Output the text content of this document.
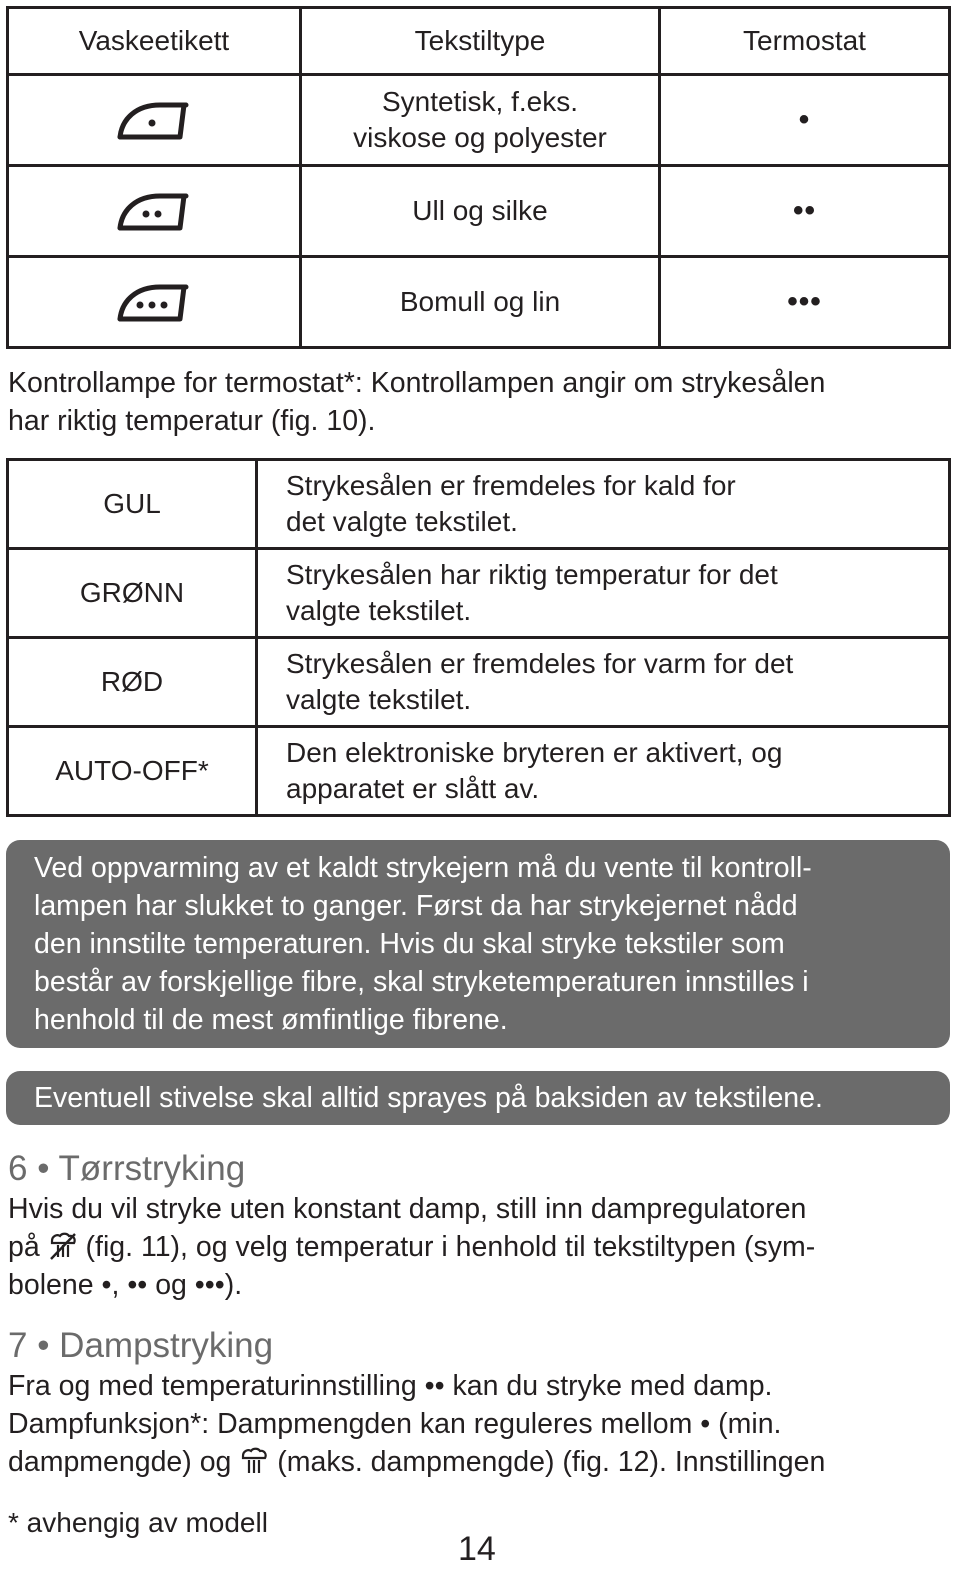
Vaskeetikett	Tekstiltype	Termostat

Syntetisk, f.eks.
viskose og polyester	•

Ull og silke	••

Bomull og lin	•••
Kontrollampe for termostat*: Kontrollampen angir om strykesålen
har riktig temperatur (fig. 10).
GUL	Strykesålen er fremdeles for kald for
det valgte tekstilet.

GRØNN	Strykesålen har riktig temperatur for det
valgte tekstilet.

RØD	Strykesålen er fremdeles for varm for det
valgte tekstilet.

AUTO-OFF*	Den elektroniske bryteren er aktivert, og
apparatet er slått av.
Ved oppvarming av et kaldt strykejern må du vente til kontroll-
lampen har slukket to ganger. Først da har strykejernet nådd
den innstilte temperaturen. Hvis du skal stryke tekstiler som
består av forskjellige fibre, skal stryketemperaturen innstilles i
henhold til de mest ømfintlige fibrene.
Eventuell stivelse skal alltid sprayes på baksiden av tekstilene.
6 • Tørrstryking
Hvis du vil stryke uten konstant damp, still inn dampregulatoren
på (fig. 11), og velg temperatur i henhold til tekstiltypen (sym-
bolene •, •• og •••).
7 • Dampstryking
Fra og med temperaturinnstilling •• kan du stryke med damp.
Dampfunksjon*: Dampmengden kan reguleres mellom • (min.
dampmengde) og (maks. dampmengde) (fig. 12). Innstillingen
* avhengig av modell
14
